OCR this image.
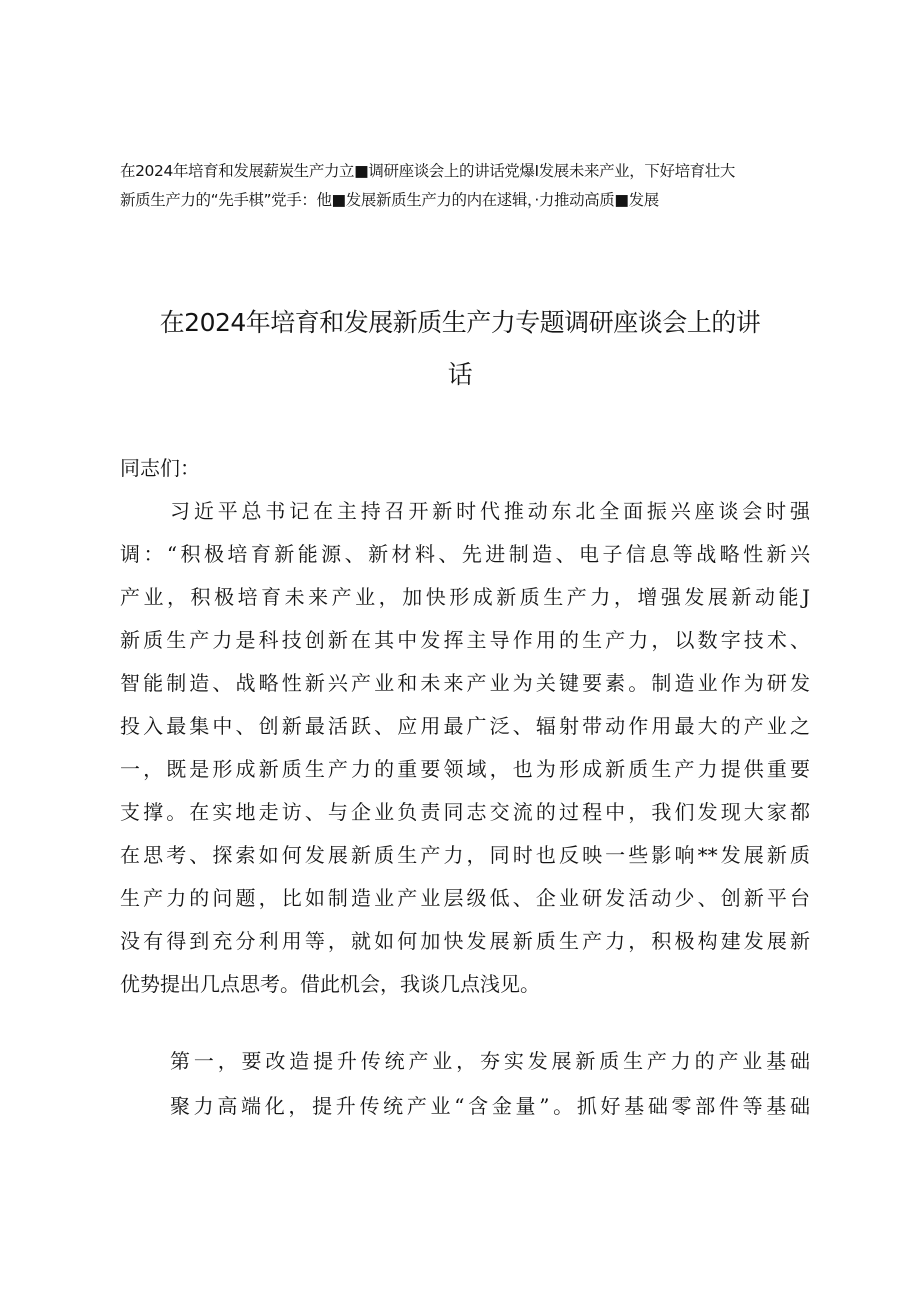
在2024年培育和发展薪炭生产力立■调研座谈会上的讲话党爆I发展未来产业，下好培育壮大
新质生产力的“先手棋”党手：他■发展新质生产力的内在逑辑，·力推动高质■发展
在2024年培育和发展新质生产力专题调研座谈会上的讲
话
同志们：
习近平总书记在主持召开新时代推动东北全面振兴座谈会时强
调：“积极培育新能源、新材料、先进制造、电子信息等战略性新兴
产业，积极培育未来产业，加快形成新质生产力，增强发展新动能J
新质生产力是科技创新在其中发挥主导作用的生产力，以数字技术、
智能制造、战略性新兴产业和未来产业为关键要素。制造业作为研发
投入最集中、创新最活跃、应用最广泛、辐射带动作用最大的产业之
一，既是形成新质生产力的重要领域，也为形成新质生产力提供重要
支撑。在实地走访、与企业负责同志交流的过程中，我们发现大家都
在思考、探索如何发展新质生产力，同时也反映一些影响**发展新质
生产力的问题，比如制造业产业层级低、企业研发活动少、创新平台
没有得到充分利用等，就如何加快发展新质生产力，积极构建发展新
优势提出几点思考。借此机会，我谈几点浅见。
第一，要改造提升传统产业，夯实发展新质生产力的产业基础
聚力高端化，提升传统产业“含金量”。抓好基础零部件等基础
